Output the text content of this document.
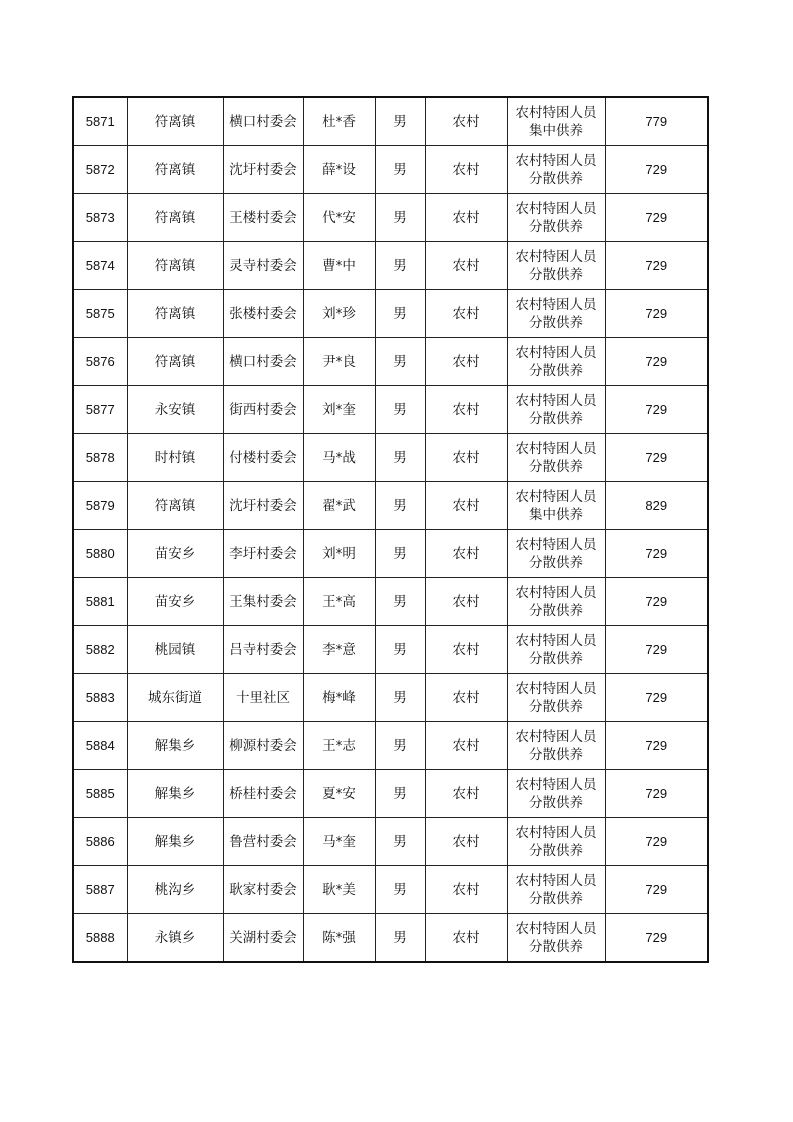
5871	符离镇	横口村委会	杜*香	男	农村	农村特困人员集中供养	779
5872	符离镇	沈圩村委会	薛*设	男	农村	农村特困人员分散供养	729
5873	符离镇	王楼村委会	代*安	男	农村	农村特困人员分散供养	729
5874	符离镇	灵寺村委会	曹*中	男	农村	农村特困人员分散供养	729
5875	符离镇	张楼村委会	刘*珍	男	农村	农村特困人员分散供养	729
5876	符离镇	横口村委会	尹*良	男	农村	农村特困人员分散供养	729
5877	永安镇	街西村委会	刘*奎	男	农村	农村特困人员分散供养	729
5878	时村镇	付楼村委会	马*战	男	农村	农村特困人员分散供养	729
5879	符离镇	沈圩村委会	翟*武	男	农村	农村特困人员集中供养	829
5880	苗安乡	李圩村委会	刘*明	男	农村	农村特困人员分散供养	729
5881	苗安乡	王集村委会	王*高	男	农村	农村特困人员分散供养	729
5882	桃园镇	吕寺村委会	李*意	男	农村	农村特困人员分散供养	729
5883	城东街道	十里社区	梅*峰	男	农村	农村特困人员分散供养	729
5884	解集乡	柳源村委会	王*志	男	农村	农村特困人员分散供养	729
5885	解集乡	桥桂村委会	夏*安	男	农村	农村特困人员分散供养	729
5886	解集乡	鲁营村委会	马*奎	男	农村	农村特困人员分散供养	729
5887	桃沟乡	耿家村委会	耿*美	男	农村	农村特困人员分散供养	729
5888	永镇乡	关湖村委会	陈*强	男	农村	农村特困人员分散供养	729
